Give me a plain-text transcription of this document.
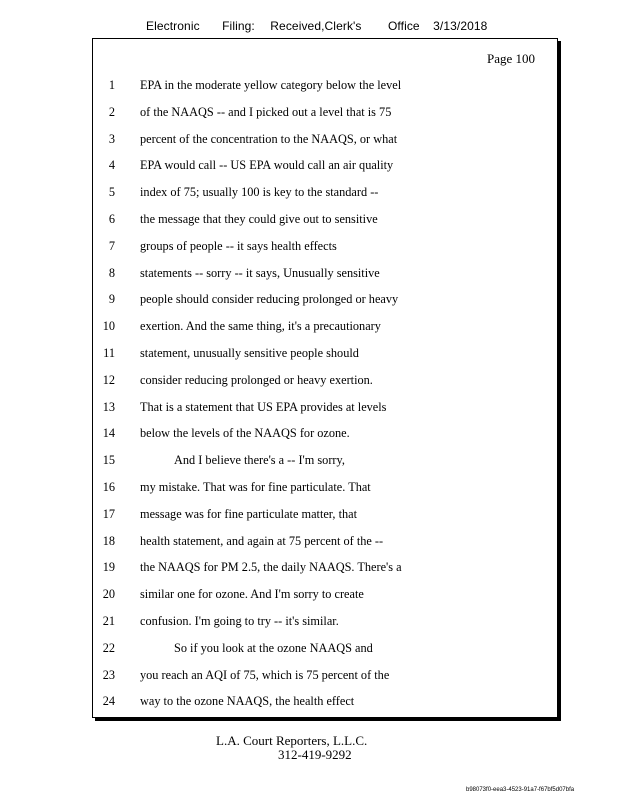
Electronic Filing: Received,Clerk's Office 3/13/2018
Page 100
1 EPA in the moderate yellow category below the level
2 of the NAAQS -- and I picked out a level that is 75
3 percent of the concentration to the NAAQS, or what
4 EPA would call -- US EPA would call an air quality
5 index of 75; usually 100 is key to the standard --
6 the message that they could give out to sensitive
7 groups of people -- it says health effects
8 statements -- sorry -- it says, Unusually sensitive
9 people should consider reducing prolonged or heavy
10 exertion. And the same thing, it's a precautionary
11 statement, unusually sensitive people should
12 consider reducing prolonged or heavy exertion.
13 That is a statement that US EPA provides at levels
14 below the levels of the NAAQS for ozone.
15	And I believe there's a -- I'm sorry,
16 my mistake. That was for fine particulate. That
17 message was for fine particulate matter, that
18 health statement, and again at 75 percent of the --
19 the NAAQS for PM 2.5, the daily NAAQS. There's a
20 similar one for ozone. And I'm sorry to create
21 confusion. I'm going to try -- it's similar.
22	So if you look at the ozone NAAQS and
23 you reach an AQI of 75, which is 75 percent of the
24 way to the ozone NAAQS, the health effect
L.A. Court Reporters, L.L.C.
312-419-9292
b98073f0-eea3-4523-91a7-f67bf5d07bfa
